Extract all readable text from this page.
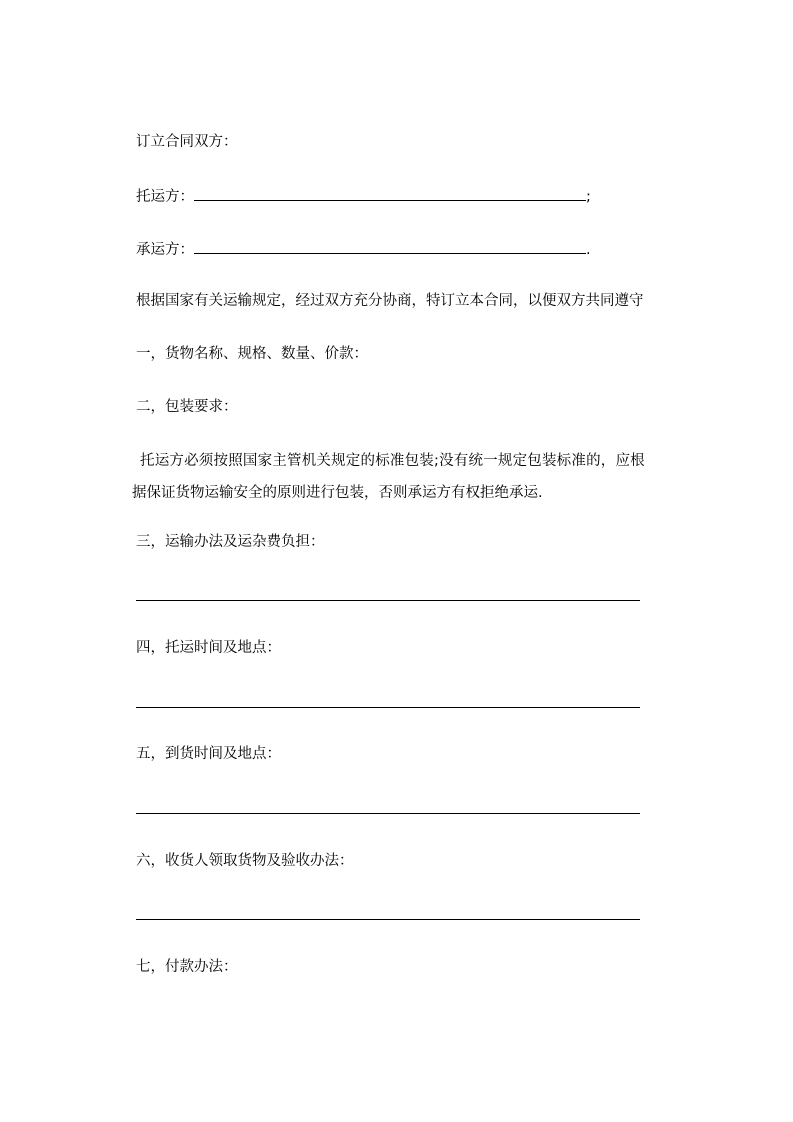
订立合同双方：
托运方：	;
承运方：	.
根据国家有关运输规定，经过双方充分协商，特订立本合同，以便双方共同遵守
一，货物名称、规格、数量、价款：
二，包装要求：
托运方必须按照国家主管机关规定的标准包装;没有统一规定包装标准的，应根
据保证货物运输安全的原则进行包装，否则承运方有权拒绝承运.
三，运输办法及运杂费负担：
四，托运时间及地点：
五，到货时间及地点：
六，收货人领取货物及验收办法：
七，付款办法：
